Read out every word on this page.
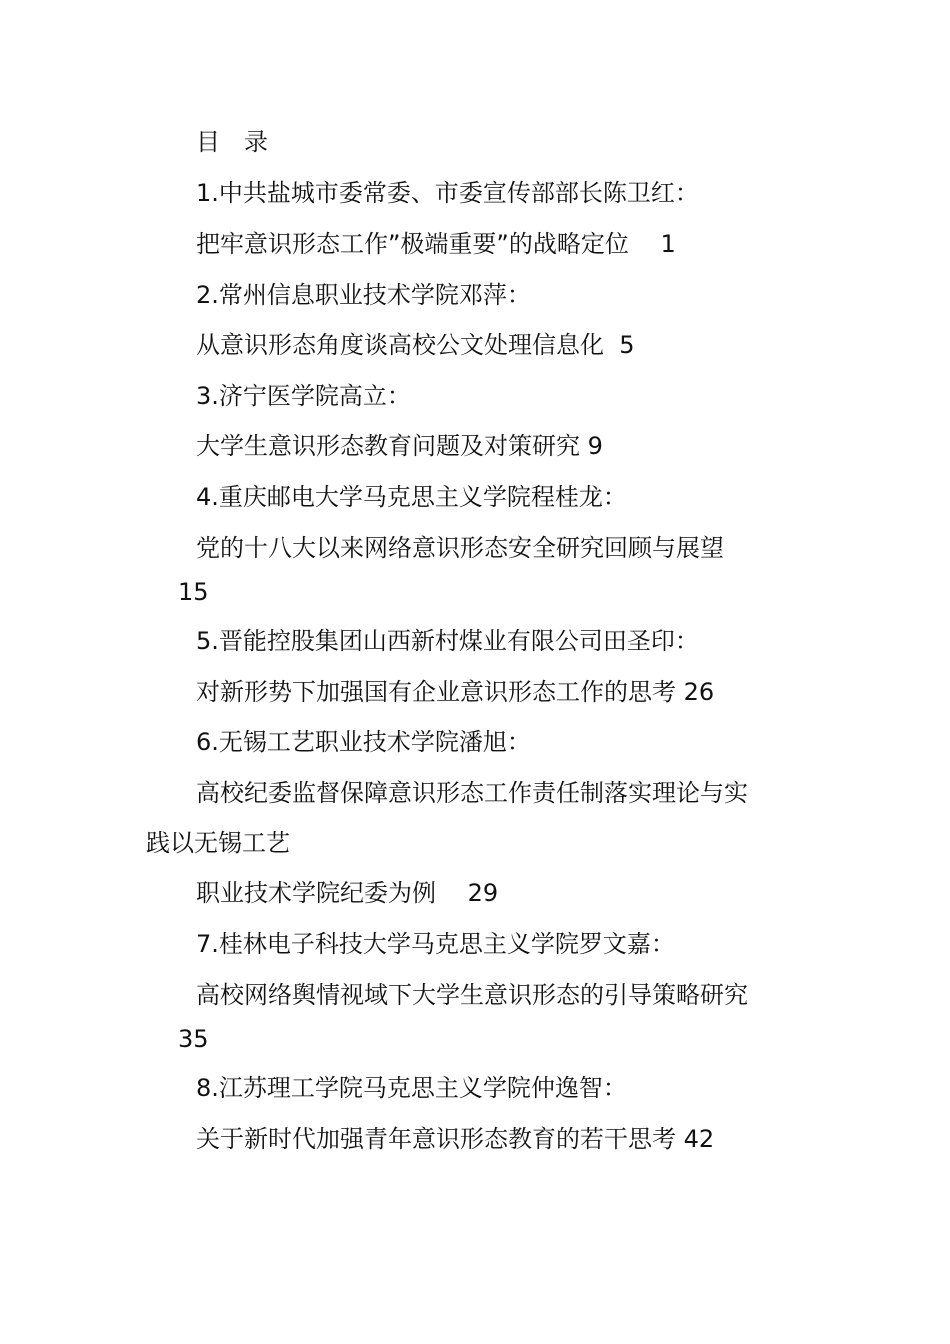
目　录
1.中共盐城市委常委、市委宣传部部长陈卫红：
把牢意识形态工作”极端重要”的战略定位　 1
2.常州信息职业技术学院邓萍：
从意识形态角度谈高校公文处理信息化  5
3.济宁医学院高立：
大学生意识形态教育问题及对策研究 9
4.重庆邮电大学马克思主义学院程桂龙：
党的十八大以来网络意识形态安全研究回顾与展望
15
5.晋能控股集团山西新村煤业有限公司田圣印：
对新形势下加强国有企业意识形态工作的思考 26
6.无锡工艺职业技术学院潘旭：
高校纪委监督保障意识形态工作责任制落实理论与实
践以无锡工艺
职业技术学院纪委为例　 29
7.桂林电子科技大学马克思主义学院罗文嘉：
高校网络舆情视域下大学生意识形态的引导策略研究
35
8.江苏理工学院马克思主义学院仲逸智：
关于新时代加强青年意识形态教育的若干思考 42
